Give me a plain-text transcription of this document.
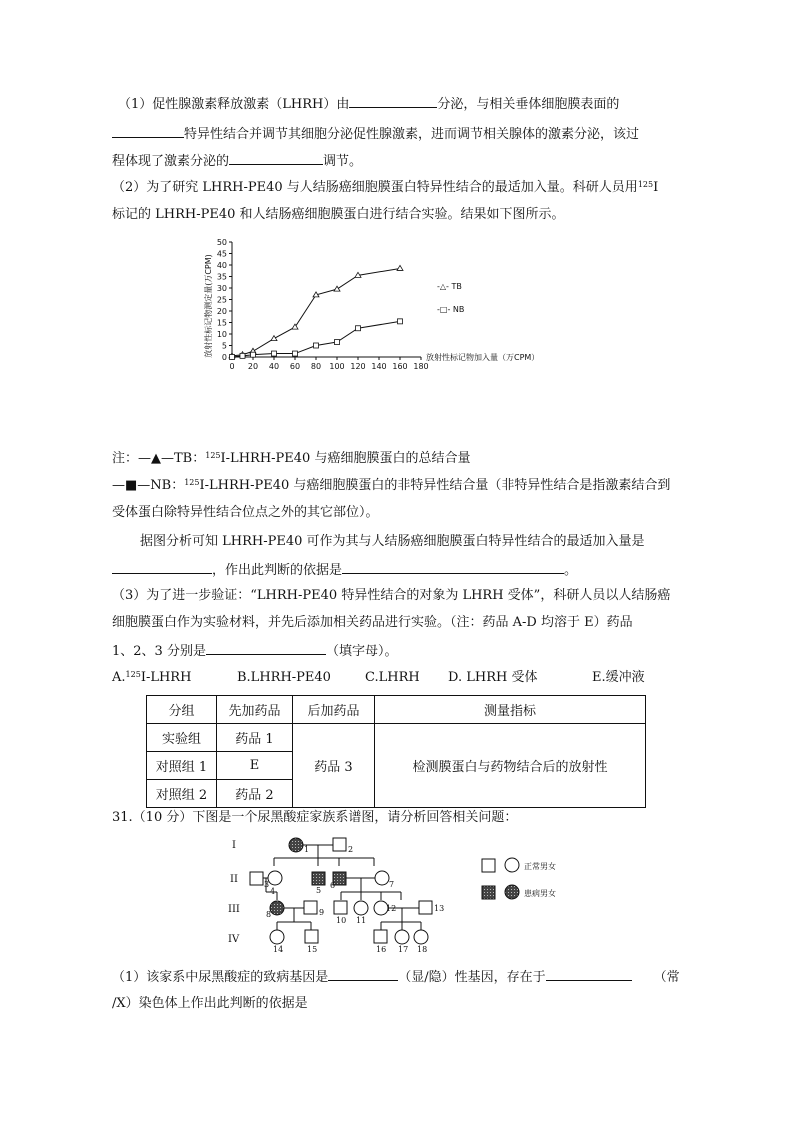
（1）促性腺激素释放激素（LHRH）由	分泌，与相关垂体细胞膜表面的
特异性结合并调节其细胞分泌促性腺激素，进而调节相关腺体的激素分泌，该过
程体现了激素分泌的	调节。
（2）为了研究 LHRH-PE40 与人结肠癌细胞膜蛋白特异性结合的最适加入量。科研人员用$^{125}$I
标记的 LHRH-PE40 和人结肠癌细胞膜蛋白进行结合实验。结果如下图所示。
0 20 40 60 80 100 120 140 160 180
0
5
10
15
20
25
30
35
40
45
50
放射性标记物加入量（万CPM）
放射性标记物测定量(万CPM)	-△- TB
-□- NB
注：—▲—TB：$^{125}$I-LHRH-PE40 与癌细胞膜蛋白的总结合量
—■—NB：$^{125}$I-LHRH-PE40 与癌细胞膜蛋白的非特异性结合量（非特异性结合是指激素结合到
受体蛋白除特异性结合位点之外的其它部位）。
据图分析可知 LHRH-PE40 可作为其与人结肠癌细胞膜蛋白特异性结合的最适加入量是
，作出此判断的依据是	。
（3）为了进一步验证：“LHRH-PE40 特异性结合的对象为 LHRH 受体”，科研人员以人结肠癌
细胞膜蛋白作为实验材料，并先后添加相关药品进行实验。（注：药品 A-D 均溶于 E）药品
1、2、3 分别是	（填字母）。
A.$^{125}$I-LHRH	B.LHRH-PE40	C.LHRH D. LHRH 受体	E.缓冲液
分组	先加药品	后加药品	测量指标
实验组	药品 1	药品 3	检测膜蛋白与药物结合后的放射性
对照组 1	E		
对照组 2	药品 2		
31.（10 分）下图是一个尿黑酸症家族系谱图，请分析回答相关问题：
I
II
III
IV
1	2
3
4	5
6	7
8	9
10 11
12	13
14	15	16 17 18
正常男女
患病男女
（1）该家系中尿黑酸症的致病基因是	（显/隐）性基因，存在于	（常
/X）染色体上作出此判断的依据是
